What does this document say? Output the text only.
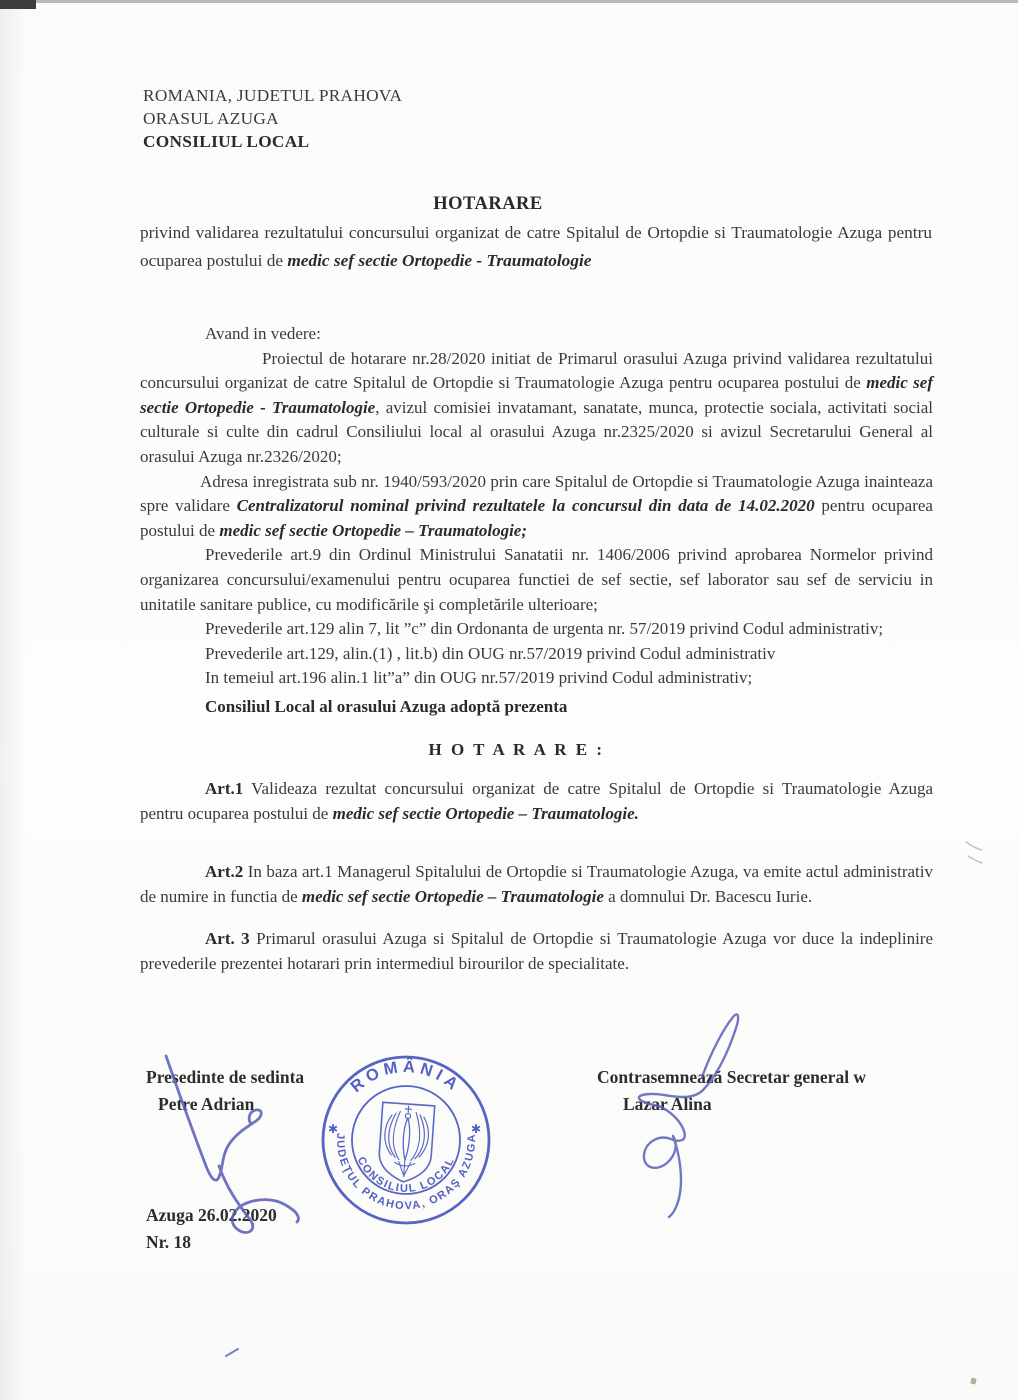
ROMANIA, JUDETUL PRAHOVA
ORASUL AZUGA
CONSILIUL LOCAL
HOTARARE
privind validarea rezultatului concursului organizat de catre Spitalul de Ortopdie si Traumatologie Azuga pentru ocuparea postului de medic sef sectie Ortopedie - Traumatologie
Avand in vedere:
Proiectul de hotarare nr.28/2020 initiat de Primarul orasului Azuga privind validarea rezultatului concursului organizat de catre Spitalul de Ortopdie si Traumatologie Azuga pentru ocuparea postului de medic sef sectie Ortopedie - Traumatologie, avizul comisiei invatamant, sanatate, munca, protectie sociala, activitati social culturale si culte din cadrul Consiliului local al orasului Azuga nr.2325/2020 si avizul Secretarului General al orasului Azuga nr.2326/2020;
Adresa inregistrata sub nr. 1940/593/2020 prin care Spitalul de Ortopdie si Traumatologie Azuga inainteaza spre validare Centralizatorul nominal privind rezultatele la concursul din data de 14.02.2020 pentru ocuparea postului de medic sef sectie Ortopedie – Traumatologie;
Prevederile art.9 din Ordinul Ministrului Sanatatii nr. 1406/2006 privind aprobarea Normelor privind organizarea concursului/examenului pentru ocuparea functiei de sef sectie, sef laborator sau sef de serviciu in unitatile sanitare publice, cu modificările şi completările ulterioare;
Prevederile art.129 alin 7, lit ”c” din Ordonanta de urgenta nr. 57/2019 privind Codul administrativ;
Prevederile art.129, alin.(1) , lit.b) din OUG nr.57/2019 privind Codul administrativ
In temeiul art.196 alin.1 lit”a” din OUG nr.57/2019 privind Codul administrativ;
Consiliul Local al orasului Azuga adoptă prezenta
H O T A R A R E :
Art.1 Valideaza rezultat concursului organizat de catre Spitalul de Ortopdie si Traumatologie Azuga pentru ocuparea postului de medic sef sectie Ortopedie – Traumatologie.
Art.2 In baza art.1 Managerul Spitalului de Ortopdie si Traumatologie Azuga, va emite actul administrativ de numire in functia de medic sef sectie Ortopedie – Traumatologie a domnului Dr. Bacescu Iurie.
Art. 3 Primarul orasului Azuga si Spitalul de Ortopdie si Traumatologie Azuga vor duce la indeplinire prevederile prezentei hotarari prin intermediul birourilor de specialitate.
Presedinte de sedinta
Petre Adrian
Azuga 26.02.2020
Nr. 18
Contrasemnează Secretar general w
Lazar Alina
ROMÂNIA
JUDEŢUL PRAHOVA, ORAŞ AZUGA
CONSILIUL LOCAL
✱	✱
